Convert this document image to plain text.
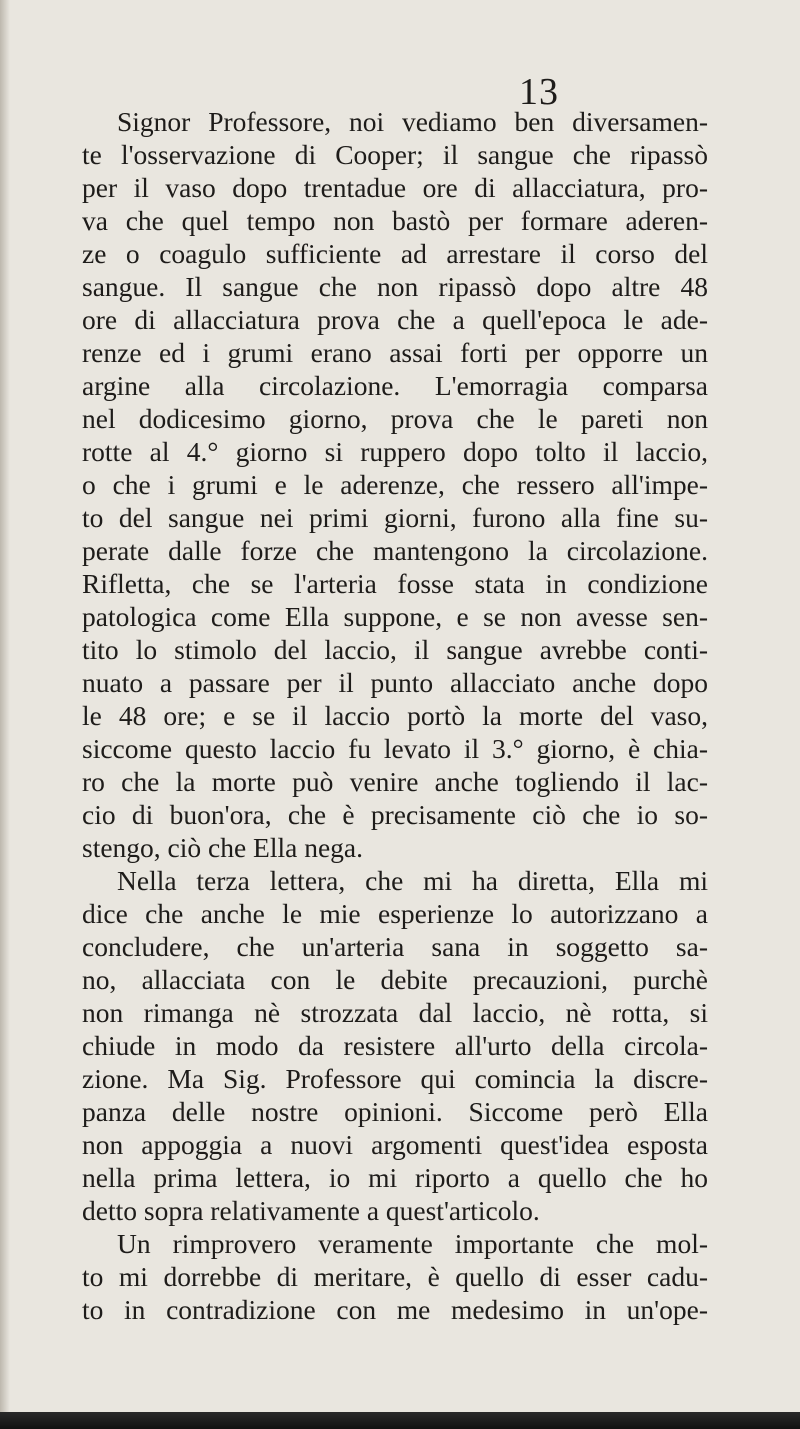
13
Signor Professore, noi vediamo ben diversamen-
te l'osservazione di Cooper; il sangue che ripassò
per il vaso dopo trentadue ore di allacciatura, pro-
va che quel tempo non bastò per formare aderen-
ze o coagulo sufficiente ad arrestare il corso del
sangue. Il sangue che non ripassò dopo altre 48
ore di allacciatura prova che a quell'epoca le ade-
renze ed i grumi erano assai forti per opporre un
argine alla circolazione. L'emorragia comparsa
nel dodicesimo giorno, prova che le pareti non
rotte al 4.° giorno si ruppero dopo tolto il laccio,
o che i grumi e le aderenze, che ressero all'impe-
to del sangue nei primi giorni, furono alla fine su-
perate dalle forze che mantengono la circolazione.
Rifletta, che se l'arteria fosse stata in condizione
patologica come Ella suppone, e se non avesse sen-
tito lo stimolo del laccio, il sangue avrebbe conti-
nuato a passare per il punto allacciato anche dopo
le 48 ore; e se il laccio portò la morte del vaso,
siccome questo laccio fu levato il 3.° giorno, è chia-
ro che la morte può venire anche togliendo il lac-
cio di buon'ora, che è precisamente ciò che io so-
stengo, ciò che Ella nega.
Nella terza lettera, che mi ha diretta, Ella mi
dice che anche le mie esperienze lo autorizzano a
concludere, che un'arteria sana in soggetto sa-
no, allacciata con le debite precauzioni, purchè
non rimanga nè strozzata dal laccio, nè rotta, si
chiude in modo da resistere all'urto della circola-
zione. Ma Sig. Professore qui comincia la discre-
panza delle nostre opinioni. Siccome però Ella
non appoggia a nuovi argomenti quest'idea esposta
nella prima lettera, io mi riporto a quello che ho
detto sopra relativamente a quest'articolo.
Un rimprovero veramente importante che mol-
to mi dorrebbe di meritare, è quello di esser cadu-
to in contradizione con me medesimo in un'ope-
